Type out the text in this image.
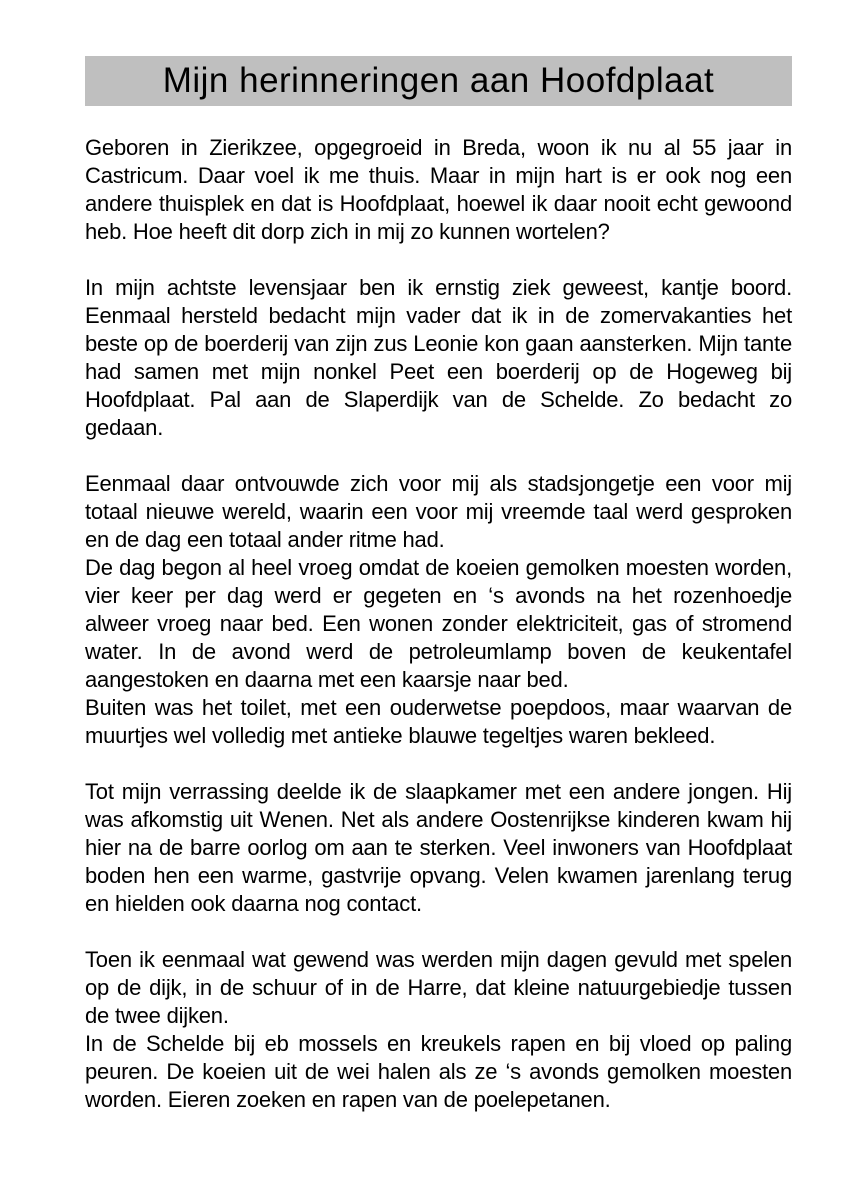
Mijn herinneringen aan Hoofdplaat

Geboren in Zierikzee, opgegroeid in Breda, woon ik nu al 55 jaar in Castricum. Daar voel ik me thuis. Maar in mijn hart is er ook nog een andere thuisplek en dat is Hoofdplaat, hoewel ik daar nooit echt gewoond heb. Hoe heeft dit dorp zich in mij zo kunnen wortelen?

In mijn achtste levensjaar ben ik ernstig ziek geweest, kantje boord. Eenmaal hersteld bedacht mijn vader dat ik in de zomervakanties het beste op de boerderij van zijn zus Leonie kon gaan aansterken. Mijn tante had samen met mijn nonkel Peet een boerderij op de Hogeweg bij Hoofdplaat. Pal aan de Slaperdijk van de Schelde. Zo bedacht zo gedaan.

Eenmaal daar ontvouwde zich voor mij als stadsjongetje een voor mij totaal nieuwe wereld, waarin een voor mij vreemde taal werd gesproken en de dag een totaal ander ritme had.

De dag begon al heel vroeg omdat de koeien gemolken moesten worden, vier keer per dag werd er gegeten en ‘s avonds na het rozenhoedje alweer vroeg naar bed. Een wonen zonder elektriciteit, gas of stromend water. In de avond werd de petroleumlamp boven de keukentafel aangestoken en daarna met een kaarsje naar bed.

Buiten was het toilet, met een ouderwetse poepdoos, maar waarvan de muurtjes wel volledig met antieke blauwe tegeltjes waren bekleed.

Tot mijn verrassing deelde ik de slaapkamer met een andere jongen. Hij was afkomstig uit Wenen. Net als andere Oostenrijkse kinderen kwam hij hier na de barre oorlog om aan te sterken. Veel inwoners van Hoofdplaat boden hen een warme, gastvrije opvang. Velen kwamen jarenlang terug en hielden ook daarna nog contact.

Toen ik eenmaal wat gewend was werden mijn dagen gevuld met spelen op de dijk, in de schuur of in de Harre, dat kleine natuurgebiedje tussen de twee dijken.

In de Schelde bij eb mossels en kreukels rapen en bij vloed op paling peuren. De koeien uit de wei halen als ze ‘s avonds gemolken moesten worden. Eieren zoeken en rapen van de poelepetanen.
